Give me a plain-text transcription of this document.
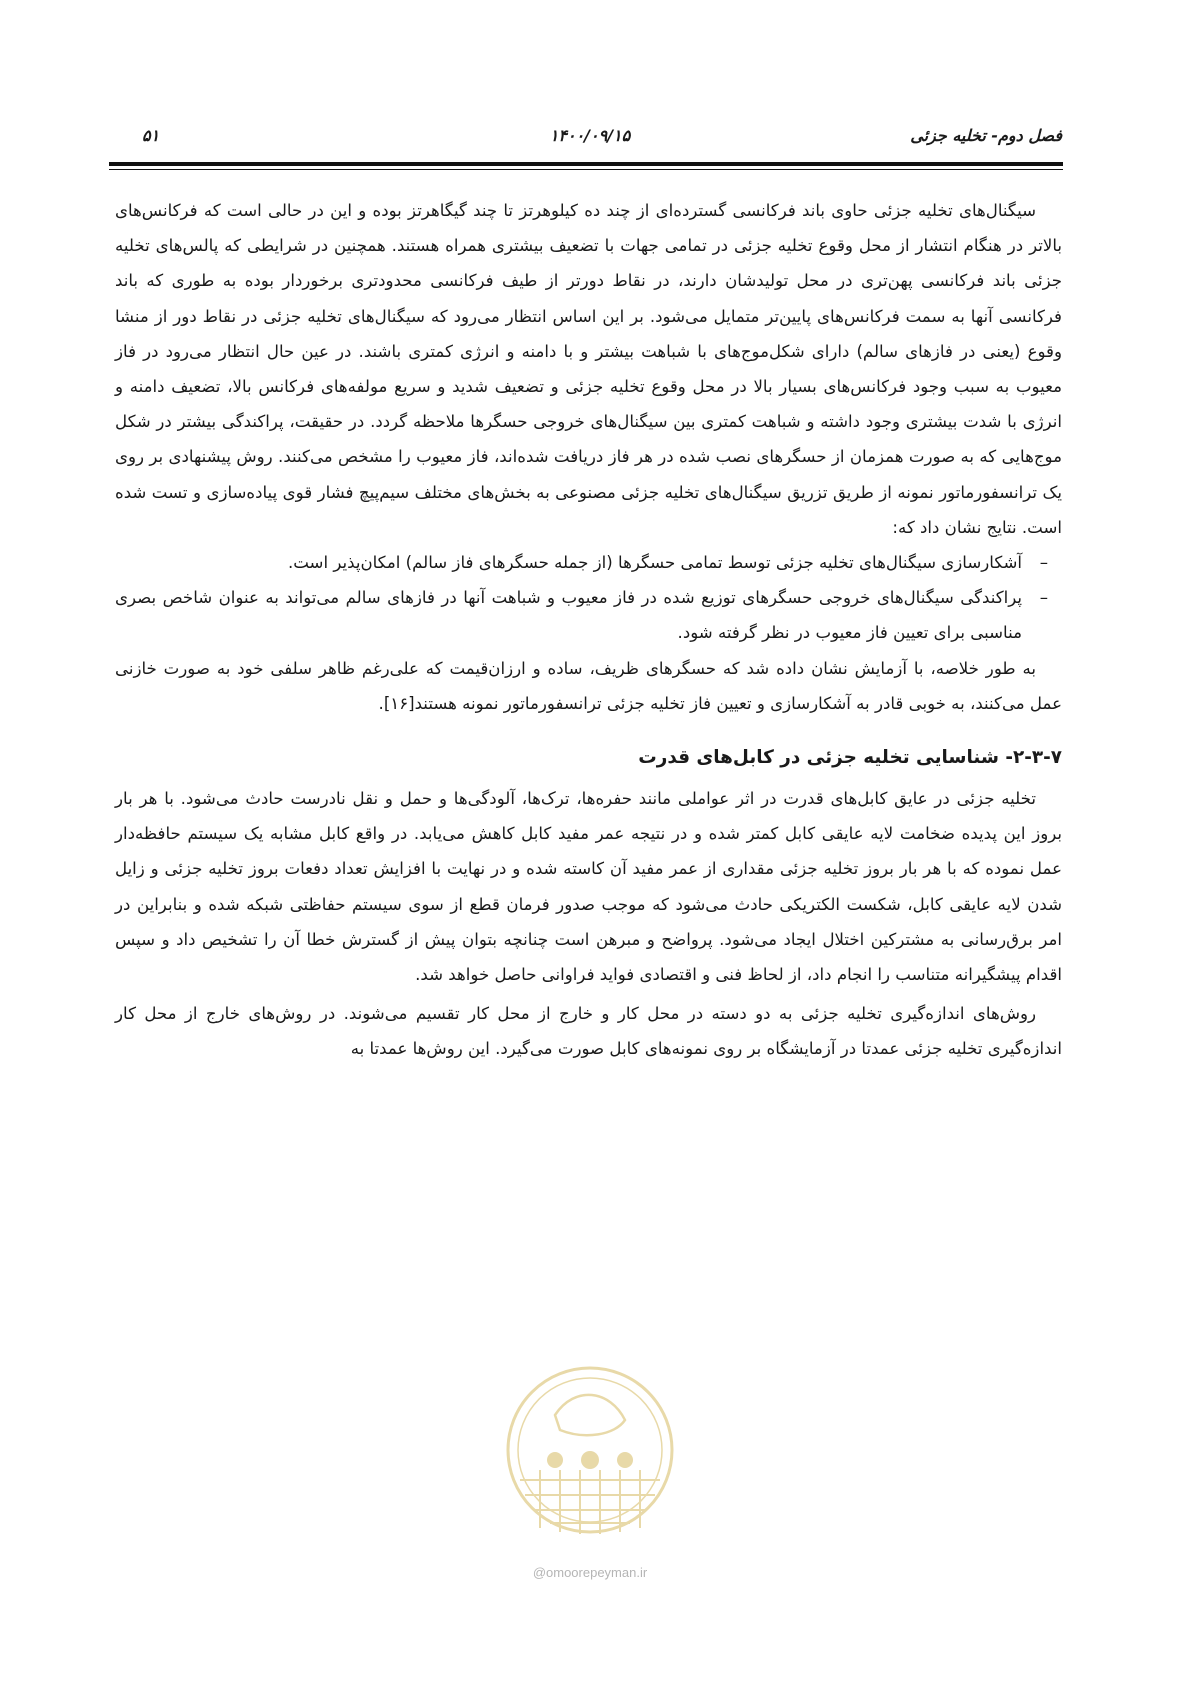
فصل دوم- تخلیه جزئی
۱۴۰۰/۰۹/۱۵
۵۱

سیگنال‌های تخلیه جزئی حاوی باند فرکانسی گسترده‌ای از چند ده کیلوهرتز تا چند گیگاهرتز بوده و این در حالی است که فرکانس‌های بالاتر در هنگام انتشار از محل وقوع تخلیه جزئی در تمامی جهات با تضعیف بیشتری همراه هستند. همچنین در شرایطی که پالس‌های تخلیه جزئی باند فرکانسی پهن‌تری در محل تولیدشان دارند، در نقاط دورتر از طیف فرکانسی محدودتری برخوردار بوده به طوری که باند فرکانسی آنها به سمت فرکانس‌های پایین‌تر متمایل می‌شود. بر این اساس انتظار می‌رود که سیگنال‌های تخلیه جزئی در نقاط دور از منشا وقوع (یعنی در فازهای سالم) دارای شکل‌موج‌های با شباهت بیشتر و با دامنه و انرژی کمتری باشند. در عین حال انتظار می‌رود در فاز معیوب به سبب وجود فرکانس‌های بسیار بالا در محل وقوع تخلیه جزئی و تضعیف شدید و سریع مولفه‌های فرکانس بالا، تضعیف دامنه و انرژی با شدت بیشتری وجود داشته و شباهت کمتری بین سیگنال‌های خروجی حسگرها ملاحظه گردد. در حقیقت، پراکندگی بیشتر در شکل موج‌هایی که به صورت همزمان از حسگرهای نصب شده در هر فاز دریافت شده‌اند، فاز معیوب را مشخص می‌کنند. روش پیشنهادی بر روی یک ترانسفورماتور نمونه از طریق تزریق سیگنال‌های تخلیه جزئی مصنوعی به بخش‌های مختلف سیم‌پیچ فشار قوی پیاده‌سازی و تست شده است. نتایج نشان داد که:

– آشکارسازی سیگنال‌های تخلیه جزئی توسط تمامی حسگرها (از جمله حسگرهای فاز سالم) امکان‌پذیر است.
– پراکندگی سیگنال‌های خروجی حسگرهای توزیع شده در فاز معیوب و شباهت آنها در فازهای سالم می‌تواند به عنوان شاخص بصری مناسبی برای تعیین فاز معیوب در نظر گرفته شود.

به طور خلاصه، با آزمایش نشان داده شد که حسگرهای ظریف، ساده و ارزان‌قیمت که علی‌رغم ظاهر سلفی خود به صورت خازنی عمل می‌کنند، به خوبی قادر به آشکارسازی و تعیین فاز تخلیه جزئی ترانسفورماتور نمونه هستند[۱۶].

۲-۳-۷- شناسایی تخلیه جزئی در کابل‌های قدرت

تخلیه جزئی در عایق کابل‌های قدرت در اثر عواملی مانند حفره‌ها، ترک‌ها، آلودگی‌ها و حمل و نقل نادرست حادث می‌شود. با هر بار بروز این پدیده ضخامت لایه عایقی کابل کمتر شده و در نتیجه عمر مفید کابل کاهش می‌یابد. در واقع کابل مشابه یک سیستم حافظه‌دار عمل نموده که با هر بار بروز تخلیه جزئی مقداری از عمر مفید آن کاسته شده و در نهایت با افزایش تعداد دفعات بروز تخلیه جزئی و زایل شدن لایه عایقی کابل، شکست الکتریکی حادث می‌شود که موجب صدور فرمان قطع از سوی سیستم حفاظتی شبکه شده و بنابراین در امر برق‌رسانی به مشترکین اختلال ایجاد می‌شود. پرواضح و مبرهن است چنانچه بتوان پیش از گسترش خطا آن را تشخیص داد و سپس اقدام پیشگیرانه متناسب را انجام داد، از لحاظ فنی و اقتصادی فواید فراوانی حاصل خواهد شد.

روش‌های اندازه‌گیری تخلیه جزئی به دو دسته در محل کار و خارج از محل کار تقسیم می‌شوند. در روش‌های خارج از محل کار اندازه‌گیری تخلیه جزئی عمدتا در آزمایشگاه بر روی نمونه‌های کابل صورت می‌گیرد. این روش‌ها عمدتا به

@omoorepeyman.ir
